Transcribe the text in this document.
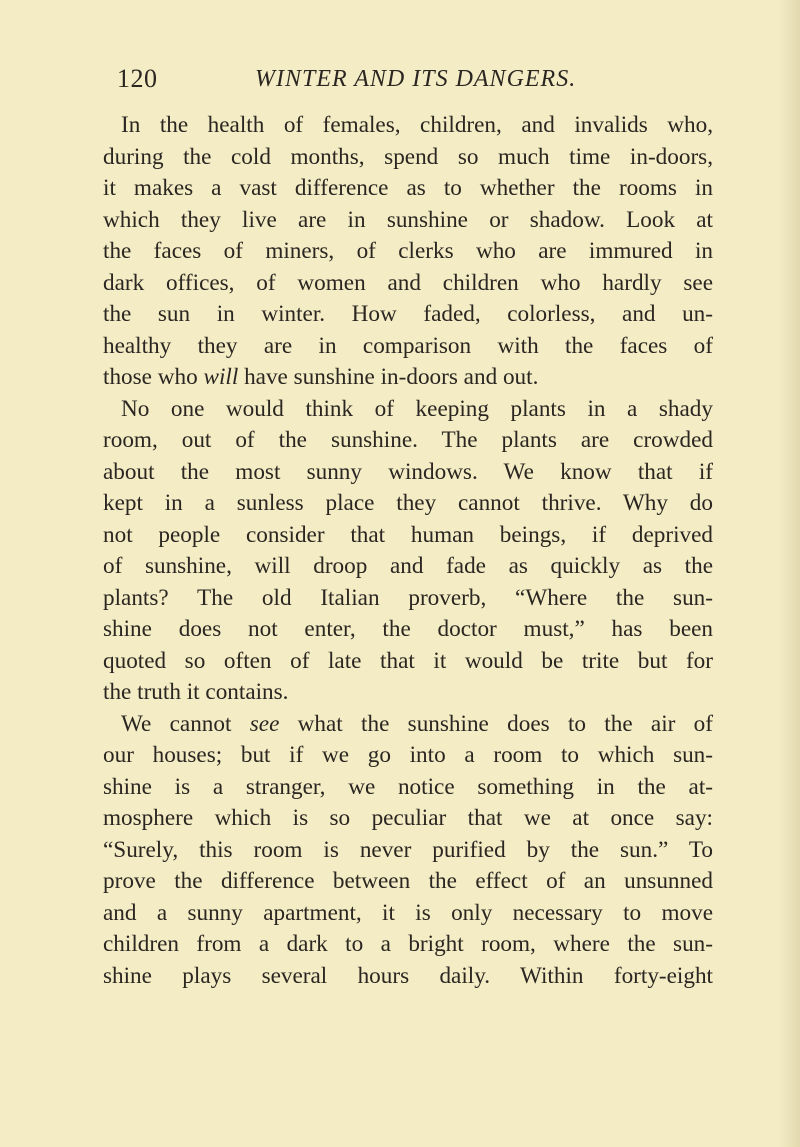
120	WINTER AND ITS DANGERS.

In the health of females, children, and invalids who,
during the cold months, spend so much time in-doors,
it makes a vast difference as to whether the rooms in
which they live are in sunshine or shadow. Look at
the faces of miners, of clerks who are immured in
dark offices, of women and children who hardly see
the sun in winter. How faded, colorless, and un-
healthy they are in comparison with the faces of
those who will have sunshine in-doors and out.

No one would think of keeping plants in a shady
room, out of the sunshine. The plants are crowded
about the most sunny windows. We know that if
kept in a sunless place they cannot thrive. Why do
not people consider that human beings, if deprived
of sunshine, will droop and fade as quickly as the
plants? The old Italian proverb, “Where the sun-
shine does not enter, the doctor must,” has been
quoted so often of late that it would be trite but for
the truth it contains.

We cannot see what the sunshine does to the air of
our houses; but if we go into a room to which sun-
shine is a stranger, we notice something in the at-
mosphere which is so peculiar that we at once say:
“Surely, this room is never purified by the sun.” To
prove the difference between the effect of an unsunned
and a sunny apartment, it is only necessary to move
children from a dark to a bright room, where the sun-
shine plays several hours daily. Within forty-eight
